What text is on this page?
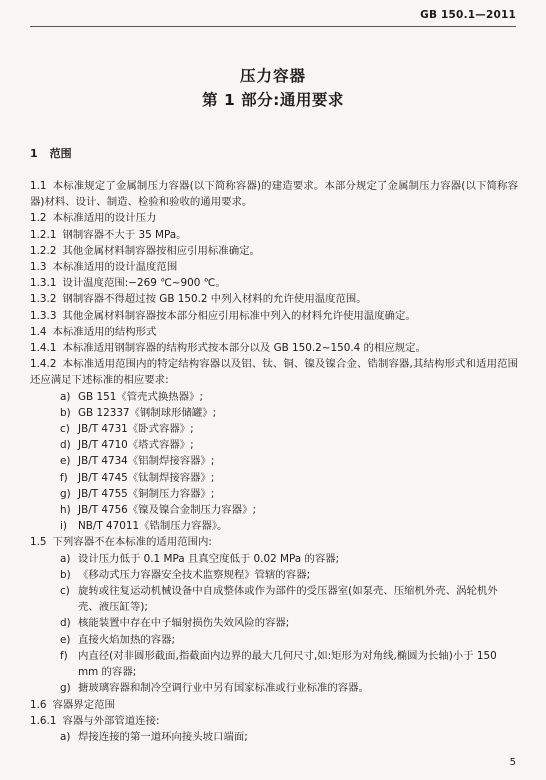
GB 150.1—2011
压力容器
第 1 部分:通用要求
1 范围

1.1 本标准规定了金属制压力容器(以下简称容器)的建造要求。本部分规定了金属制压力容器(以下简称容器)材料、设计、制造、检验和验收的通用要求。

1.2 本标准适用的设计压力

1.2.1 钢制容器不大于 35 MPa。

1.2.2 其他金属材料制容器按相应引用标准确定。

1.3 本标准适用的设计温度范围

1.3.1 设计温度范围:−269 ℃~900 ℃。

1.3.2 钢制容器不得超过按 GB 150.2 中列入材料的允许使用温度范围。

1.3.3 其他金属材料制容器按本部分相应引用标准中列入的材料允许使用温度确定。

1.4 本标准适用的结构形式

1.4.1 本标准适用钢制容器的结构形式按本部分以及 GB 150.2~150.4 的相应规定。

1.4.2 本标准适用范围内的特定结构容器以及铝、钛、铜、镍及镍合金、锆制容器,其结构形式和适用范围还应满足下述标准的相应要求:

a) GB 151《管壳式换热器》;

b) GB 12337《钢制球形储罐》;

c) JB/T 4731《卧式容器》;

d) JB/T 4710《塔式容器》;

e) JB/T 4734《铝制焊接容器》;

f) JB/T 4745《钛制焊接容器》;

g) JB/T 4755《铜制压力容器》;

h) JB/T 4756《镍及镍合金制压力容器》;

i) NB/T 47011《锆制压力容器》。

1.5 下列容器不在本标准的适用范围内:

a) 设计压力低于 0.1 MPa 且真空度低于 0.02 MPa 的容器;

b) 《移动式压力容器安全技术监察规程》管辖的容器;

c) 旋转或往复运动机械设备中自成整体或作为部件的受压器室(如泵壳、压缩机外壳、涡轮机外壳、液压缸等);

d) 核能装置中存在中子辐射损伤失效风险的容器;

e) 直接火焰加热的容器;

f) 内直径(对非圆形截面,指截面内边界的最大几何尺寸,如:矩形为对角线,椭圆为长轴)小于 150 mm 的容器;

g) 搪玻璃容器和制冷空调行业中另有国家标准或行业标准的容器。

1.6 容器界定范围

1.6.1 容器与外部管道连接:

a) 焊接连接的第一道环向接头坡口端面;

5
